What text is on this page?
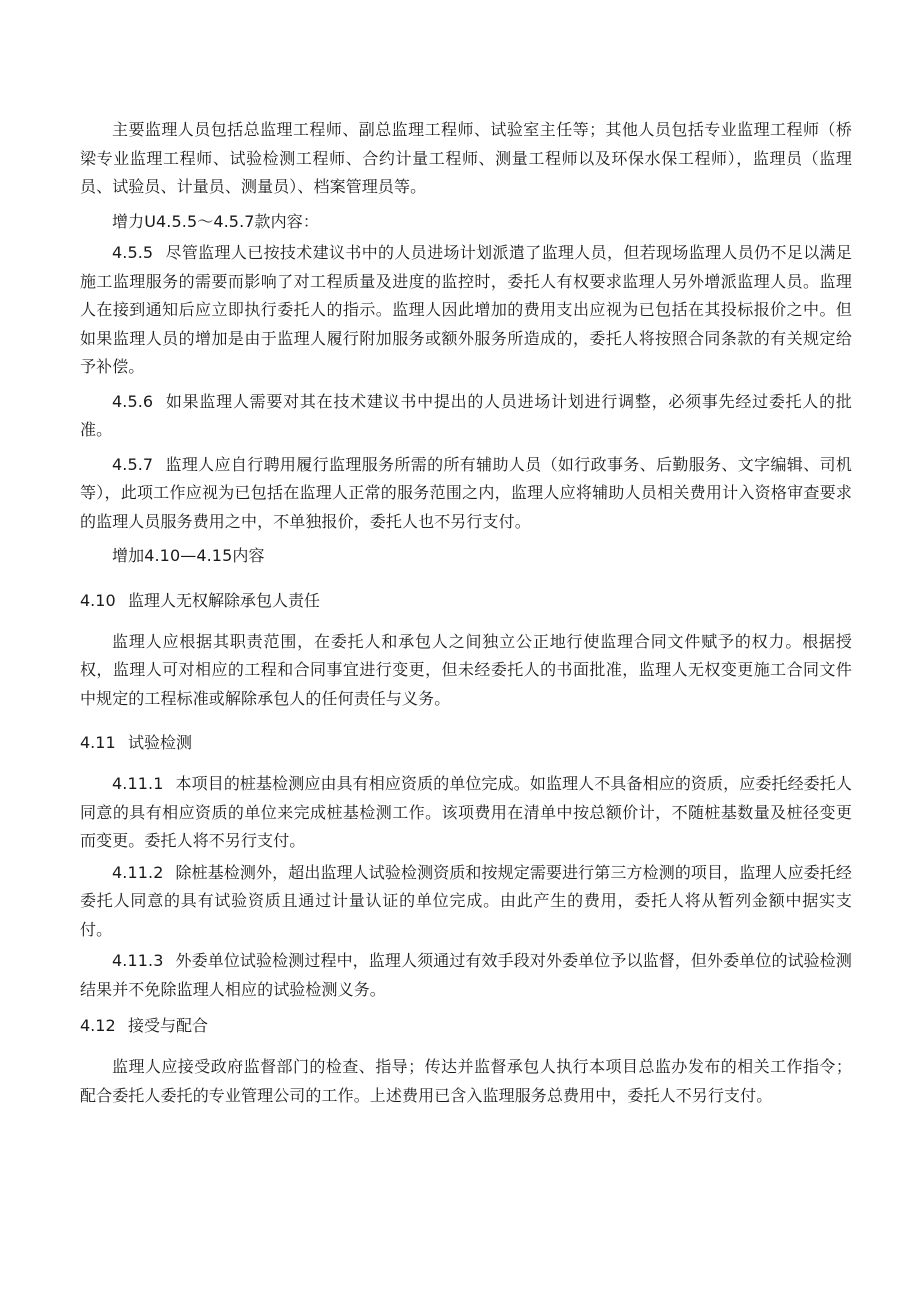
主要监理人员包括总监理工程师、副总监理工程师、试验室主任等；其他人员包括专业监理工程师（桥梁专业监理工程师、试验检测工程师、合约计量工程师、测量工程师以及环保水保工程师），监理员（监理员、试验员、计量员、测量员）、档案管理员等。

增力U4.5.5〜4.5.7款内容：

4.5.5 尽管监理人已按技术建议书中的人员进场计划派遣了监理人员，但若现场监理人员仍不足以满足施工监理服务的需要而影响了对工程质量及进度的监控时，委托人有权要求监理人另外增派监理人员。监理人在接到通知后应立即执行委托人的指示。监理人因此增加的费用支出应视为已包括在其投标报价之中。但如果监理人员的增加是由于监理人履行附加服务或额外服务所造成的，委托人将按照合同条款的有关规定给予补偿。

4.5.6 如果监理人需要对其在技术建议书中提出的人员进场计划进行调整，必须事先经过委托人的批准。

4.5.7 监理人应自行聘用履行监理服务所需的所有辅助人员（如行政事务、后勤服务、文字编辑、司机等），此项工作应视为已包括在监理人正常的服务范围之内，监理人应将辅助人员相关费用计入资格审查要求的监理人员服务费用之中，不单独报价，委托人也不另行支付。

增加4.10—4.15内容

4.10 监理人无权解除承包人责任

监理人应根据其职责范围，在委托人和承包人之间独立公正地行使监理合同文件赋予的权力。根据授权，监理人可对相应的工程和合同事宜进行变更，但未经委托人的书面批准，监理人无权变更施工合同文件中规定的工程标准或解除承包人的任何责任与义务。

4.11 试验检测

4.11.1 本项目的桩基检测应由具有相应资质的单位完成。如监理人不具备相应的资质，应委托经委托人同意的具有相应资质的单位来完成桩基检测工作。该项费用在清单中按总额价计，不随桩基数量及桩径变更而变更。委托人将不另行支付。

4.11.2 除桩基检测外，超出监理人试验检测资质和按规定需要进行第三方检测的项目，监理人应委托经委托人同意的具有试验资质且通过计量认证的单位完成。由此产生的费用，委托人将从暂列金额中据实支付。

4.11.3 外委单位试验检测过程中，监理人须通过有效手段对外委单位予以监督，但外委单位的试验检测结果并不免除监理人相应的试验检测义务。

4.12 接受与配合

监理人应接受政府监督部门的检查、指导；传达并监督承包人执行本项目总监办发布的相关工作指令；配合委托人委托的专业管理公司的工作。上述费用已含入监理服务总费用中，委托人不另行支付。
